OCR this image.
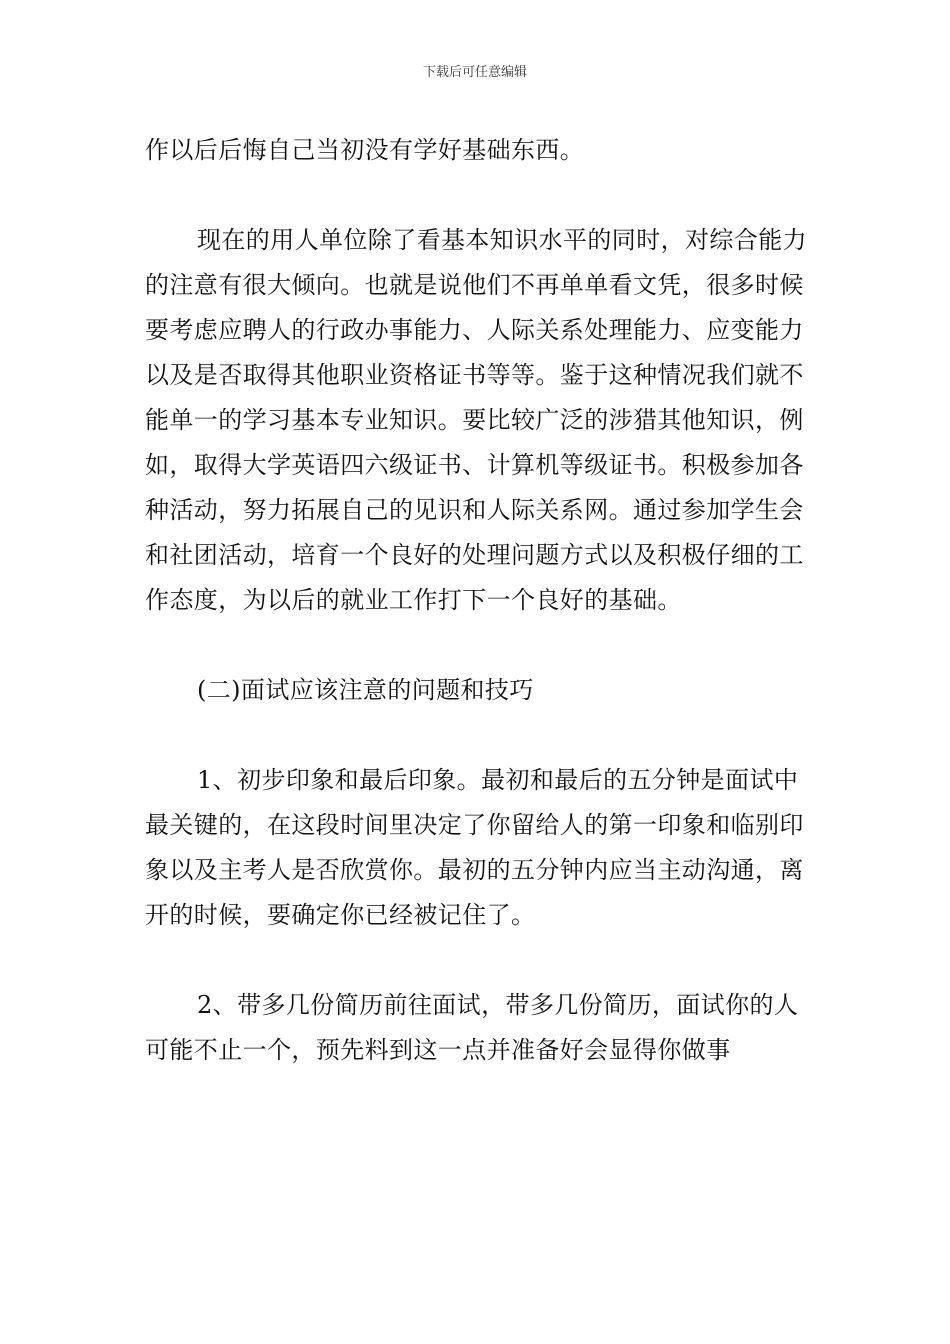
下载后可任意编辑

作以后后悔自己当初没有学好基础东西。

现在的用人单位除了看基本知识水平的同时，对综合能力的注意有很大倾向。也就是说他们不再单单看文凭，很多时候要考虑应聘人的行政办事能力、人际关系处理能力、应变能力以及是否取得其他职业资格证书等等。鉴于这种情况我们就不能单一的学习基本专业知识。要比较广泛的涉猎其他知识，例如，取得大学英语四六级证书、计算机等级证书。积极参加各种活动，努力拓展自己的见识和人际关系网。通过参加学生会和社团活动，培育一个良好的处理问题方式以及积极仔细的工作态度，为以后的就业工作打下一个良好的基础。

(二)面试应该注意的问题和技巧

1、初步印象和最后印象。最初和最后的五分钟是面试中最关键的，在这段时间里决定了你留给人的第一印象和临别印象以及主考人是否欣赏你。最初的五分钟内应当主动沟通，离开的时候，要确定你已经被记住了。

2、带多几份简历前往面试，带多几份简历，面试你的人可能不止一个，预先料到这一点并准备好会显得你做事
